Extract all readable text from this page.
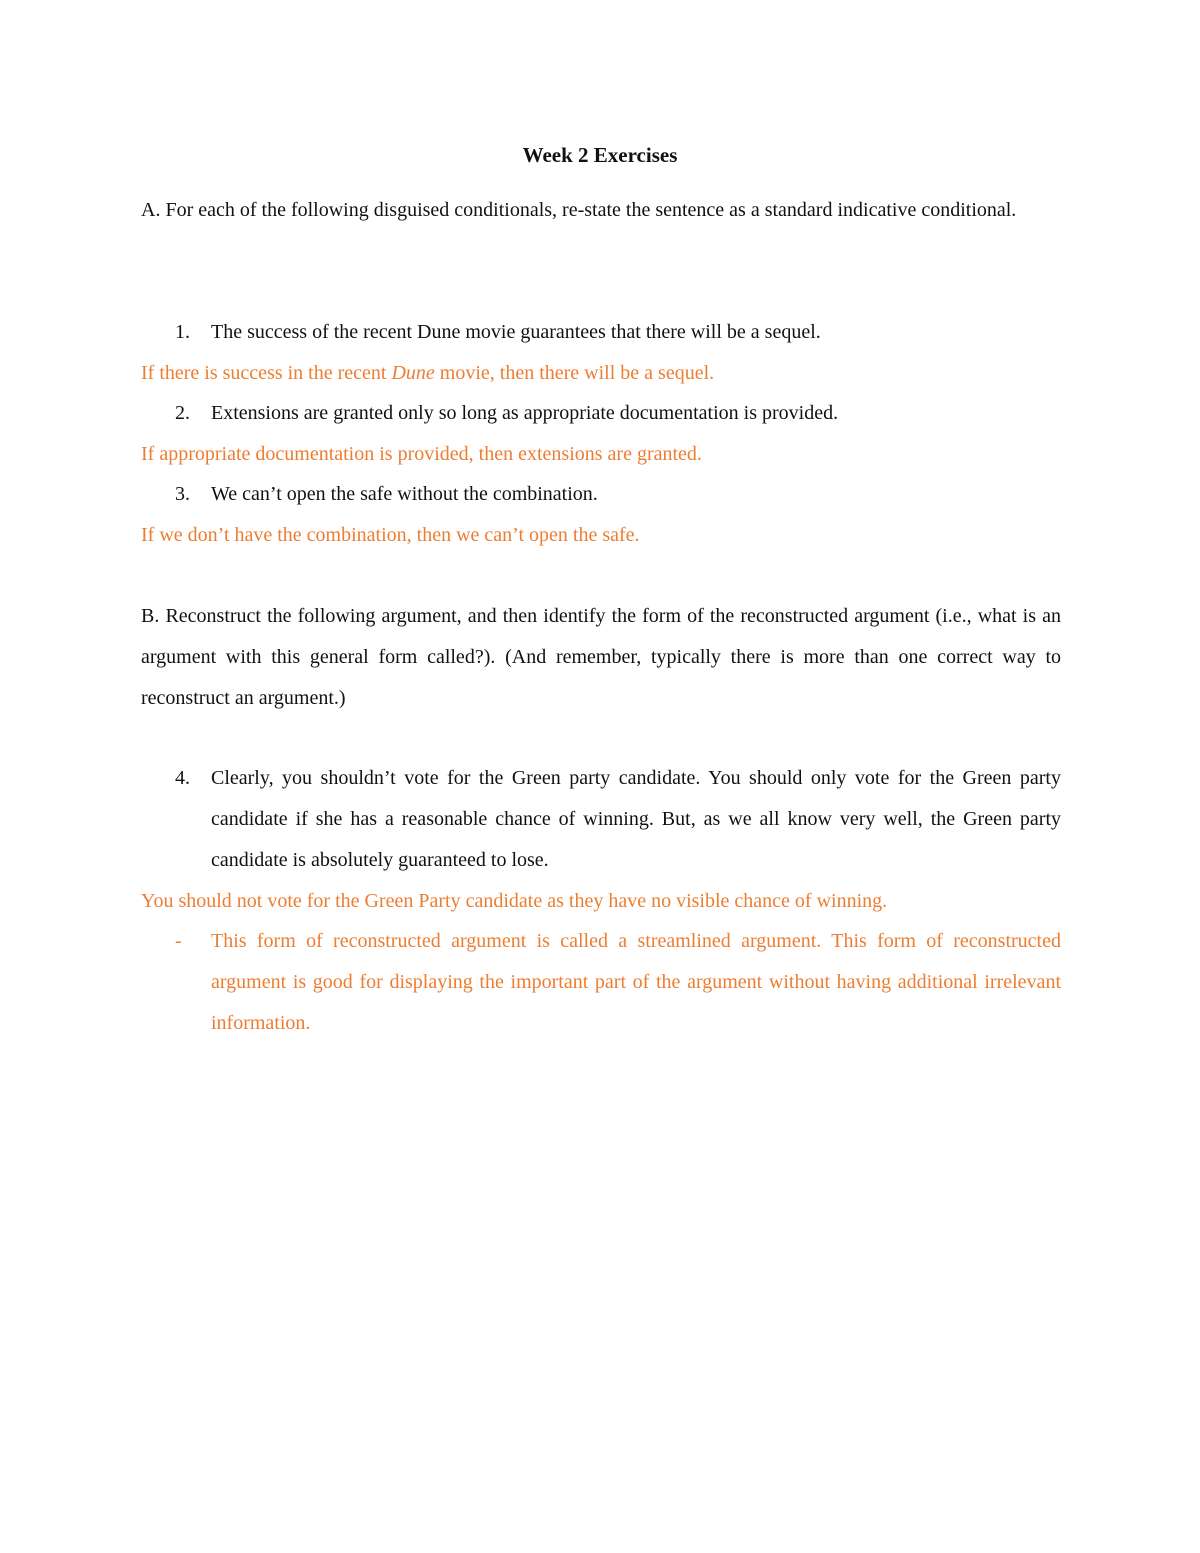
Week 2 Exercises
A. For each of the following disguised conditionals, re-state the sentence as a standard indicative conditional.
1. The success of the recent Dune movie guarantees that there will be a sequel.
If there is success in the recent Dune movie, then there will be a sequel.
2. Extensions are granted only so long as appropriate documentation is provided.
If appropriate documentation is provided, then extensions are granted.
3. We can’t open the safe without the combination.
If we don’t have the combination, then we can’t open the safe.
B. Reconstruct the following argument, and then identify the form of the reconstructed argument (i.e., what is an argument with this general form called?). (And remember, typically there is more than one correct way to reconstruct an argument.)
4. Clearly, you shouldn’t vote for the Green party candidate. You should only vote for the Green party candidate if she has a reasonable chance of winning. But, as we all know very well, the Green party candidate is absolutely guaranteed to lose.
You should not vote for the Green Party candidate as they have no visible chance of winning.
- This form of reconstructed argument is called a streamlined argument. This form of reconstructed argument is good for displaying the important part of the argument without having additional irrelevant information.
